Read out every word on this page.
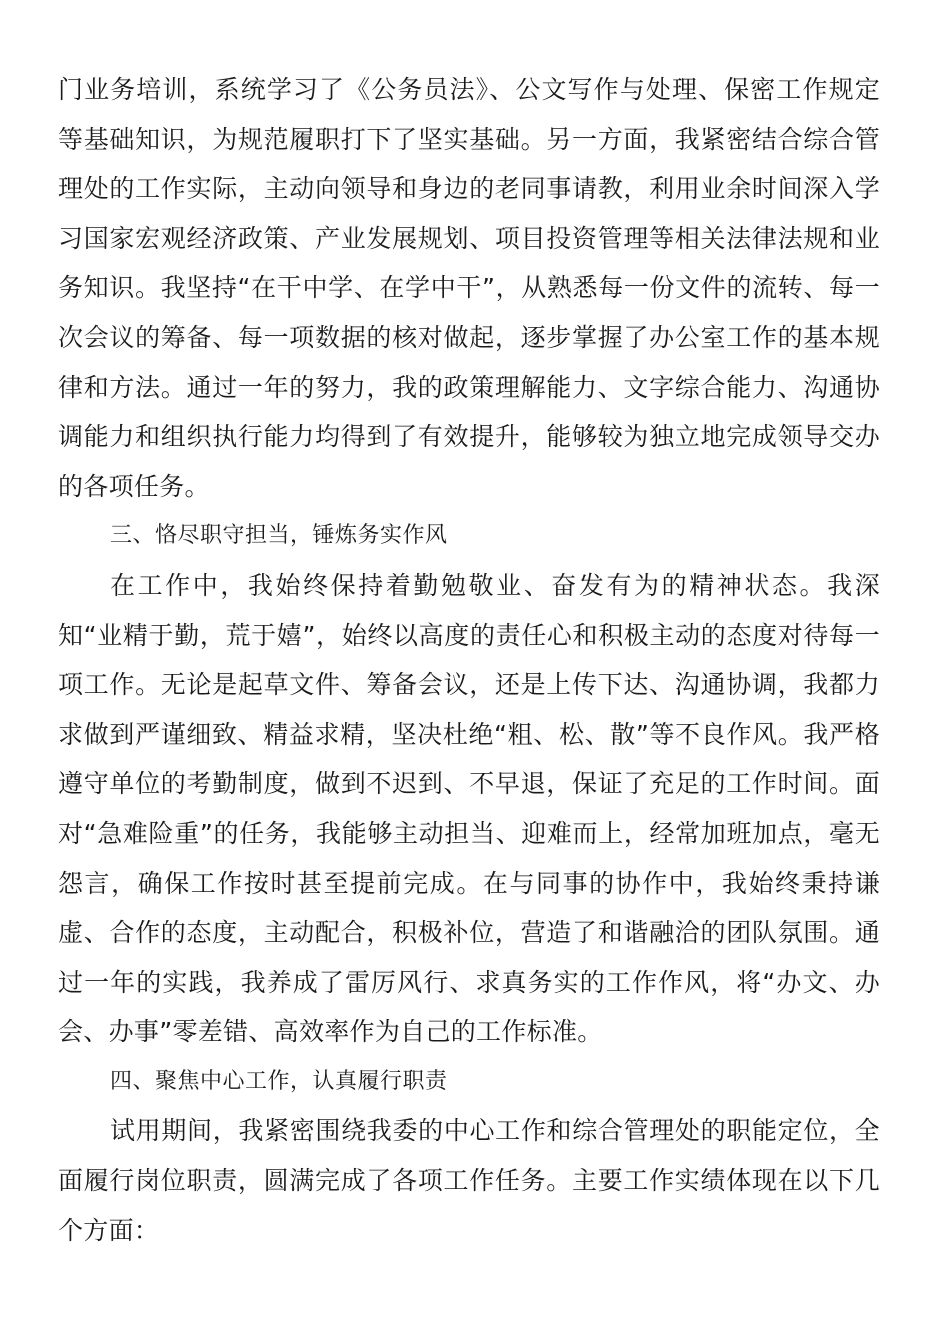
门业务培训，系统学习了《公务员法》、公文写作与处理、保密工作规定等基础知识，为规范履职打下了坚实基础。另一方面，我紧密结合综合管理处的工作实际，主动向领导和身边的老同事请教，利用业余时间深入学习国家宏观经济政策、产业发展规划、项目投资管理等相关法律法规和业务知识。我坚持“在干中学、在学中干”，从熟悉每一份文件的流转、每一次会议的筹备、每一项数据的核对做起，逐步掌握了办公室工作的基本规律和方法。通过一年的努力，我的政策理解能力、文字综合能力、沟通协调能力和组织执行能力均得到了有效提升，能够较为独立地完成领导交办的各项任务。

三、恪尽职守担当，锤炼务实作风

在工作中，我始终保持着勤勉敬业、奋发有为的精神状态。我深知“业精于勤，荒于嬉”，始终以高度的责任心和积极主动的态度对待每一项工作。无论是起草文件、筹备会议，还是上传下达、沟通协调，我都力求做到严谨细致、精益求精，坚决杜绝“粗、松、散”等不良作风。我严格遵守单位的考勤制度，做到不迟到、不早退，保证了充足的工作时间。面对“急难险重”的任务，我能够主动担当、迎难而上，经常加班加点，毫无怨言，确保工作按时甚至提前完成。在与同事的协作中，我始终秉持谦虚、合作的态度，主动配合，积极补位，营造了和谐融洽的团队氛围。通过一年的实践，我养成了雷厉风行、求真务实的工作作风，将“办文、办会、办事”零差错、高效率作为自己的工作标准。

四、聚焦中心工作，认真履行职责

试用期间，我紧密围绕我委的中心工作和综合管理处的职能定位，全面履行岗位职责，圆满完成了各项工作任务。主要工作实绩体现在以下几个方面：
